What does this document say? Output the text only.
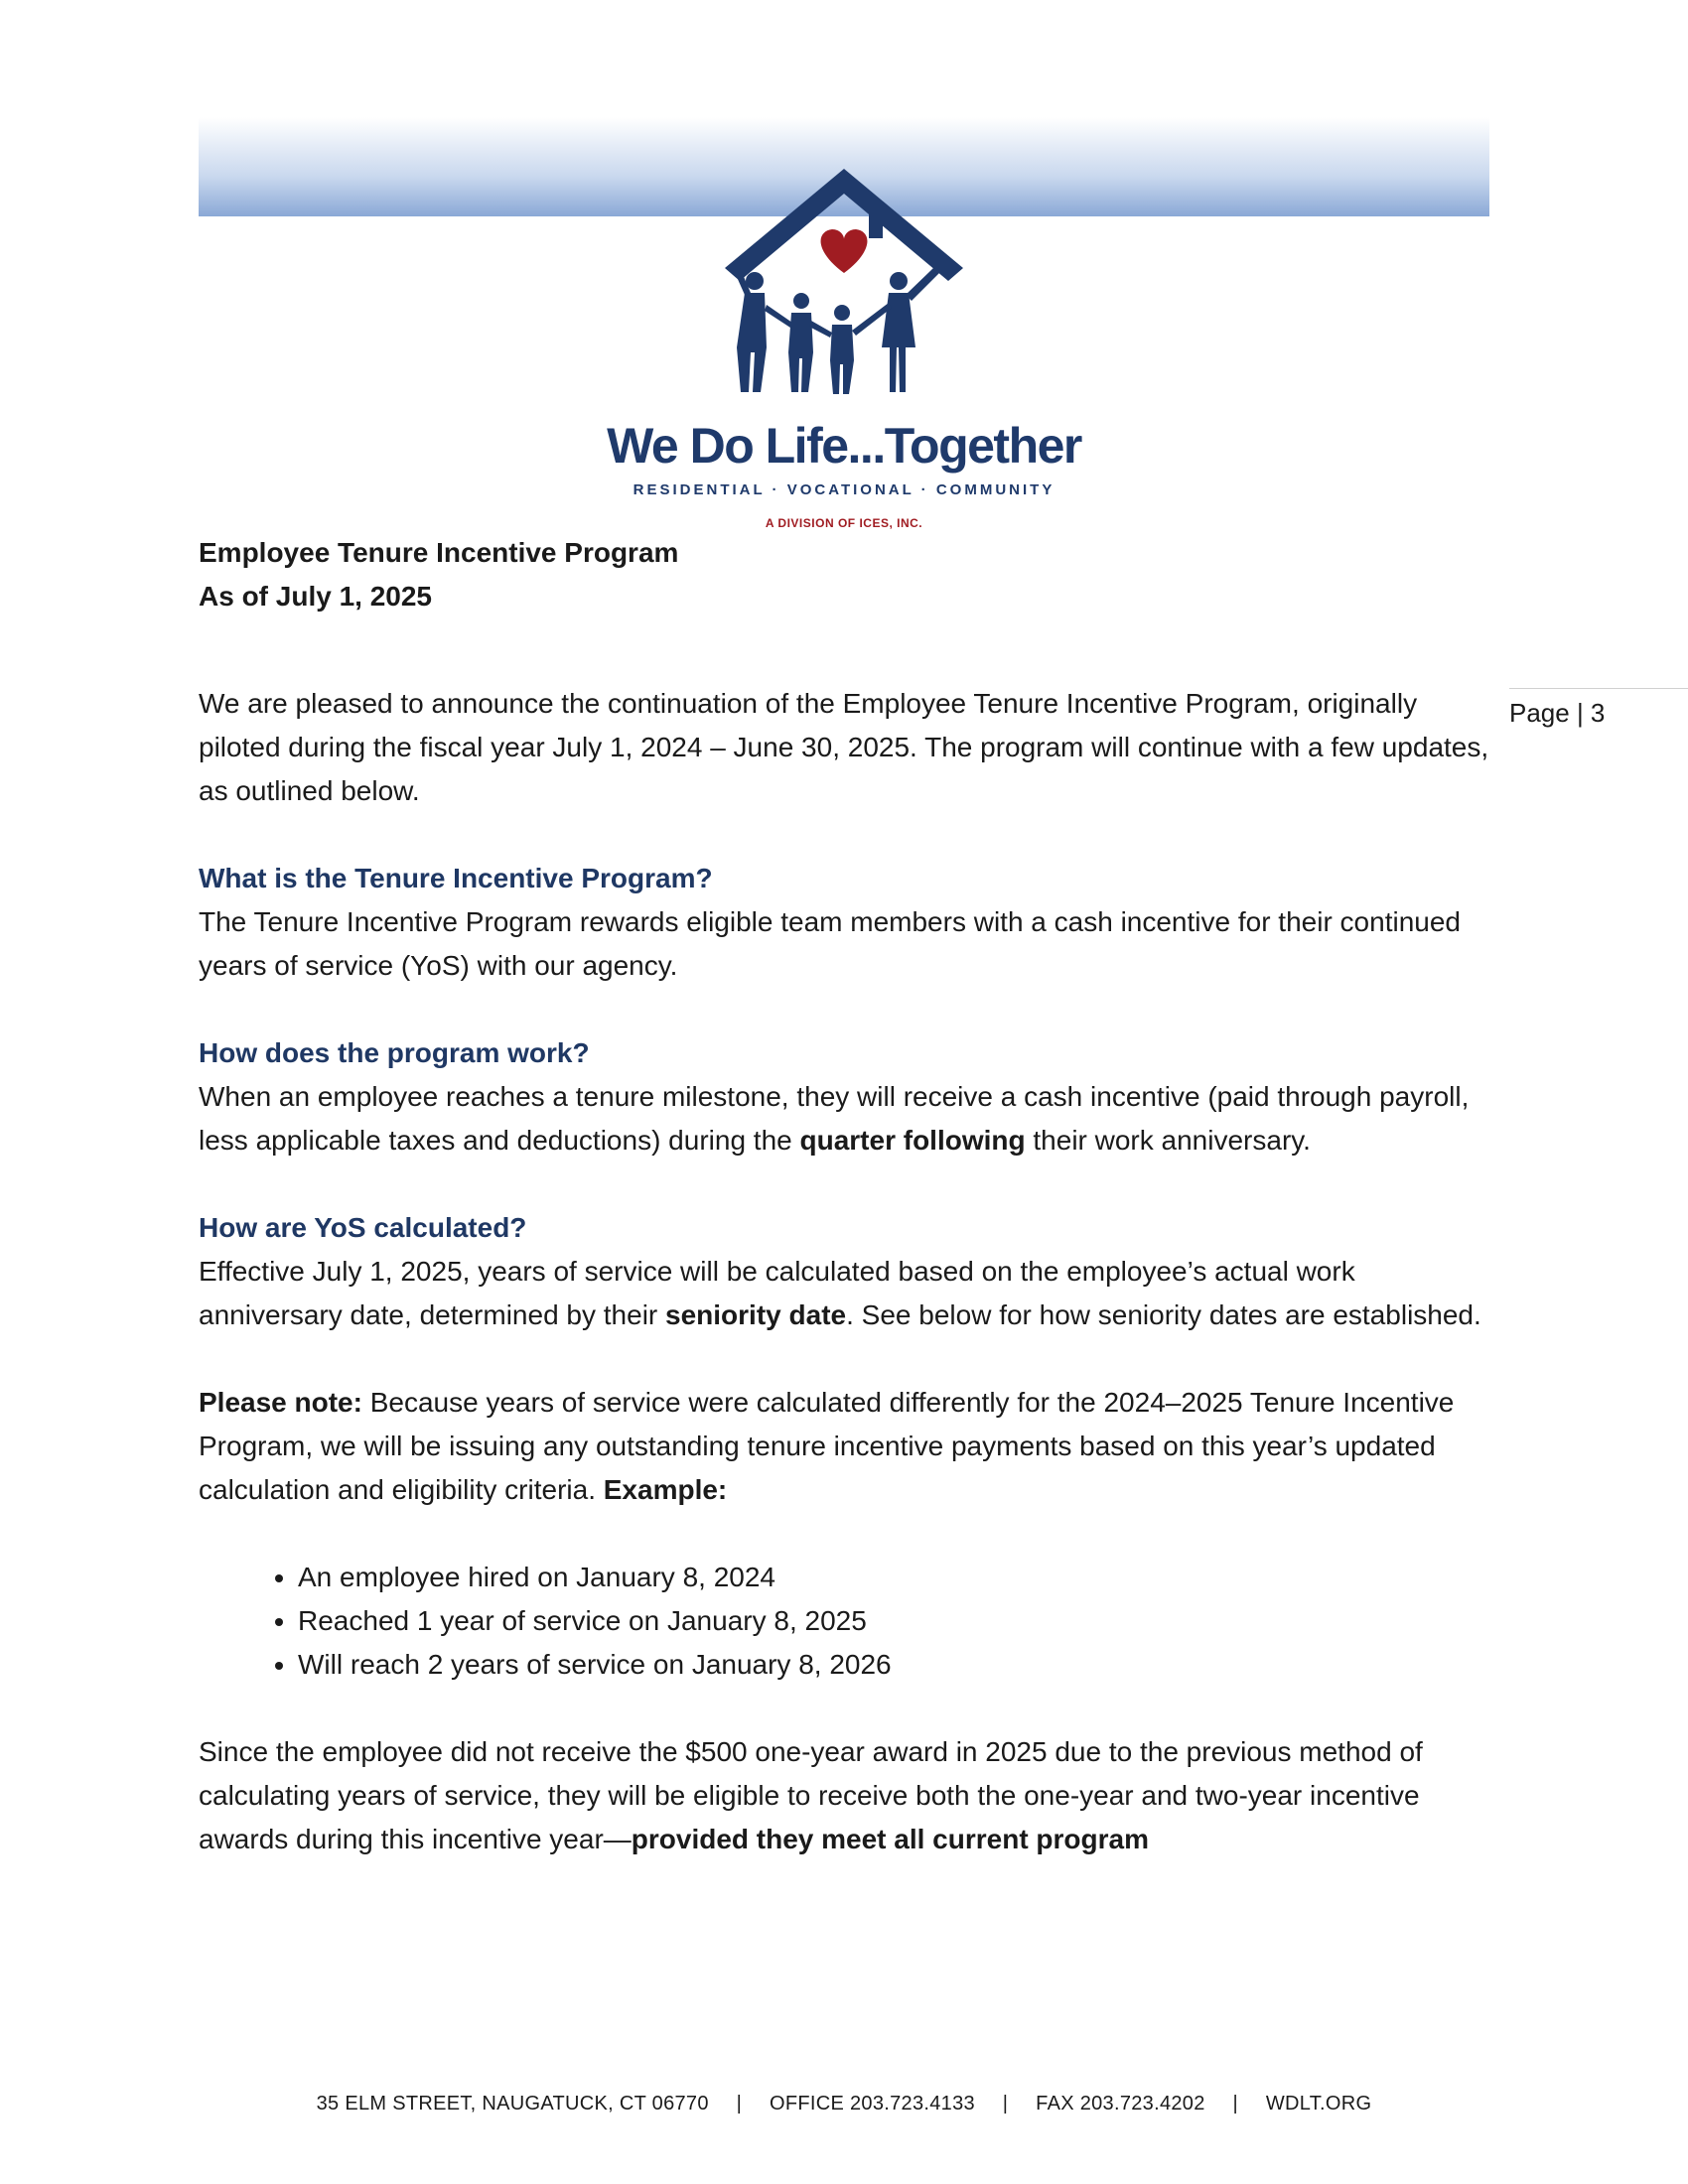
We Do Life...Together
RESIDENTIAL · VOCATIONAL · COMMUNITY
A DIVISION OF ICES, INC.
Page | 3

Employee Tenure Incentive Program

As of July 1, 2025

We are pleased to announce the continuation of the Employee Tenure Incentive Program, originally piloted during the fiscal year July 1, 2024 – June 30, 2025. The program will continue with a few updates, as outlined below.

What is the Tenure Incentive Program?

The Tenure Incentive Program rewards eligible team members with a cash incentive for their continued years of service (YoS) with our agency.

How does the program work?

When an employee reaches a tenure milestone, they will receive a cash incentive (paid through payroll, less applicable taxes and deductions) during the quarter following their work anniversary.

How are YoS calculated?

Effective July 1, 2025, years of service will be calculated based on the employee’s actual work anniversary date, determined by their seniority date. See below for how seniority dates are established.

Please note: Because years of service were calculated differently for the 2024–2025 Tenure Incentive Program, we will be issuing any outstanding tenure incentive payments based on this year’s updated calculation and eligibility criteria. Example:

• An employee hired on January 8, 2024
• Reached 1 year of service on January 8, 2025
• Will reach 2 years of service on January 8, 2026

Since the employee did not receive the $500 one-year award in 2025 due to the previous method of calculating years of service, they will be eligible to receive both the one-year and two-year incentive awards during this incentive year—provided they meet all current program

35 ELM STREET, NAUGATUCK, CT 06770 | OFFICE 203.723.4133 | FAX 203.723.4202 | WDLT.ORG
